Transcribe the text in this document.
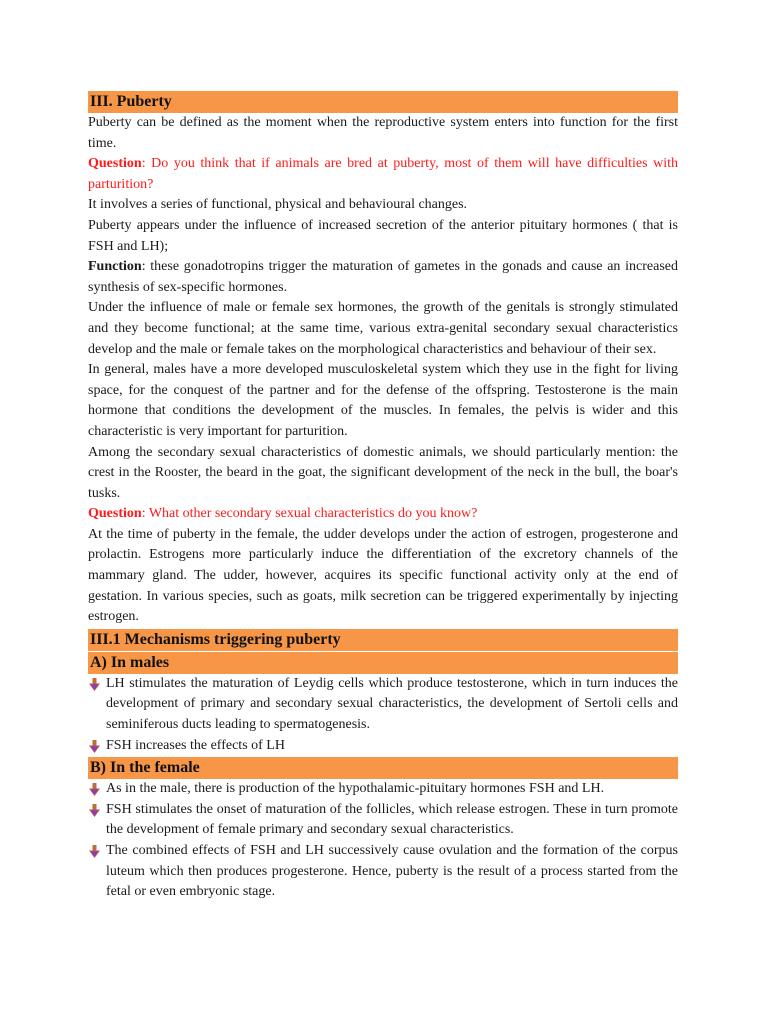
III. Puberty

Puberty can be defined as the moment when the reproductive system enters into function for the first time.

Question: Do you think that if animals are bred at puberty, most of them will have difficulties with parturition?

It involves a series of functional, physical and behavioural changes.

Puberty appears under the influence of increased secretion of the anterior pituitary hormones ( that is FSH and LH);

Function: these gonadotropins trigger the maturation of gametes in the gonads and cause an increased synthesis of sex-specific hormones.

Under the influence of male or female sex hormones, the growth of the genitals is strongly stimulated and they become functional; at the same time, various extra-genital secondary sexual characteristics develop and the male or female takes on the morphological characteristics and behaviour of their sex.

In general, males have a more developed musculoskeletal system which they use in the fight for living space, for the conquest of the partner and for the defense of the offspring. Testosterone is the main hormone that conditions the development of the muscles. In females, the pelvis is wider and this characteristic is very important for parturition.

Among the secondary sexual characteristics of domestic animals, we should particularly mention: the crest in the Rooster, the beard in the goat, the significant development of the neck in the bull, the boar's tusks.

Question: What other secondary sexual characteristics do you know?

At the time of puberty in the female, the udder develops under the action of estrogen, progesterone and prolactin. Estrogens more particularly induce the differentiation of the excretory channels of the mammary gland. The udder, however, acquires its specific functional activity only at the end of gestation. In various species, such as goats, milk secretion can be triggered experimentally by injecting estrogen.

III.1 Mechanisms triggering puberty
A) In males
LH stimulates the maturation of Leydig cells which produce testosterone, which in turn induces the development of primary and secondary sexual characteristics, the development of Sertoli cells and seminiferous ducts leading to spermatogenesis.
FSH increases the effects of LH
B) In the female
As in the male, there is production of the hypothalamic-pituitary hormones FSH and LH.
FSH stimulates the onset of maturation of the follicles, which release estrogen. These in turn promote the development of female primary and secondary sexual characteristics.
The combined effects of FSH and LH successively cause ovulation and the formation of the corpus luteum which then produces progesterone. Hence, puberty is the result of a process started from the fetal or even embryonic stage.
